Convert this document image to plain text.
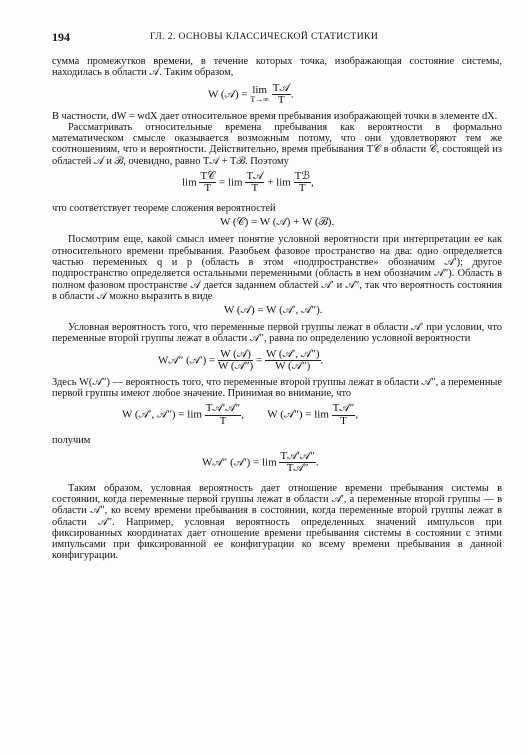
194	ГЛ. 2. ОСНОВЫ КЛАССИЧЕСКОЙ СТАТИСТИКИ

сумма промежутков времени, в течение которых точка, изображающая состояние системы, находилась в области 𝒜. Таким образом,

W (𝒜) = lim
T→∞
$\frac{\text{T𝒜}}{T}$ .

В частности, dW = wdX дает относительное время пребывания изображающей точки в элементе dX.

Рассматривать относительные времена пребывания как вероятности в формально математическом смысле оказывается возможным потому, что они удовлетворяют тем же соотношениям, что и вероятности. Действительно, время пребывания T𝒞 в области 𝒞, состоящей из областей 𝒜 и ℬ, очевидно, равно T𝒜 + Tℬ. Поэтому

$\lim \frac{\text{T𝒞}}{T} = \lim \frac{\text{T𝒜}}{T} + \lim \frac{\text{Tℬ}}{T}$ ,

что соответствует теореме сложения вероятностей

W (𝒞) = W (𝒜) + W (ℬ).

Посмотрим еще, какой смысл имеет понятие условной вероятности при интерпретации ее как относительного времени пребывания. Разобьем фазовое пространство на два: одно определяется частью переменных q и p (область в этом «подпространстве» обозначим 𝒜′); другое подпространство определяется остальными переменными (область в нем обозначим 𝒜″). Область в полном фазовом пространстве 𝒜 дается заданием областей 𝒜′ и 𝒜″, так что вероятность состояния в области 𝒜 можно выразить в виде

W (𝒜) = W (𝒜′, 𝒜″).

Условная вероятность того, что переменные первой группы лежат в области 𝒜′ при условии, что переменные второй группы лежат в области 𝒜″, равна по определению условной вероятности

W𝒜″ (𝒜′) = $\frac{\text{W (𝒜)}}{\text{W (𝒜″)}} = \frac{\text{W (𝒜′, 𝒜″)}}{\text{W (𝒜″)}}$ .

Здесь W(𝒜″) — вероятность того, что переменные второй группы лежат в области 𝒜″, а переменные первой группы имеют любое значение. Принимая во внимание, что

W (𝒜′, 𝒜″) = $\lim \frac{\text{T𝒜′𝒜″}}{T}$ , W (𝒜″) = $\lim \frac{\text{T𝒜″}}{T}$ ,

получим

W𝒜″ (𝒜′) = $\lim \frac{\text{T𝒜′𝒜″}}{\text{T𝒜″}}$ .

Таким образом, условная вероятность дает отношение времени пребывания системы в состоянии, когда переменные первой группы лежат в области 𝒜′, а переменные второй группы — в области 𝒜″, ко всему времени пребывания в состоянии, когда переменные второй группы лежат в области 𝒜″. Например, условная вероятность определенных значений импульсов при фиксированных координатах дает отношение времени пребывания системы в состоянии с этими импульсами при фиксированной ее конфигурации ко всему времени пребывания в данной конфигурации.
